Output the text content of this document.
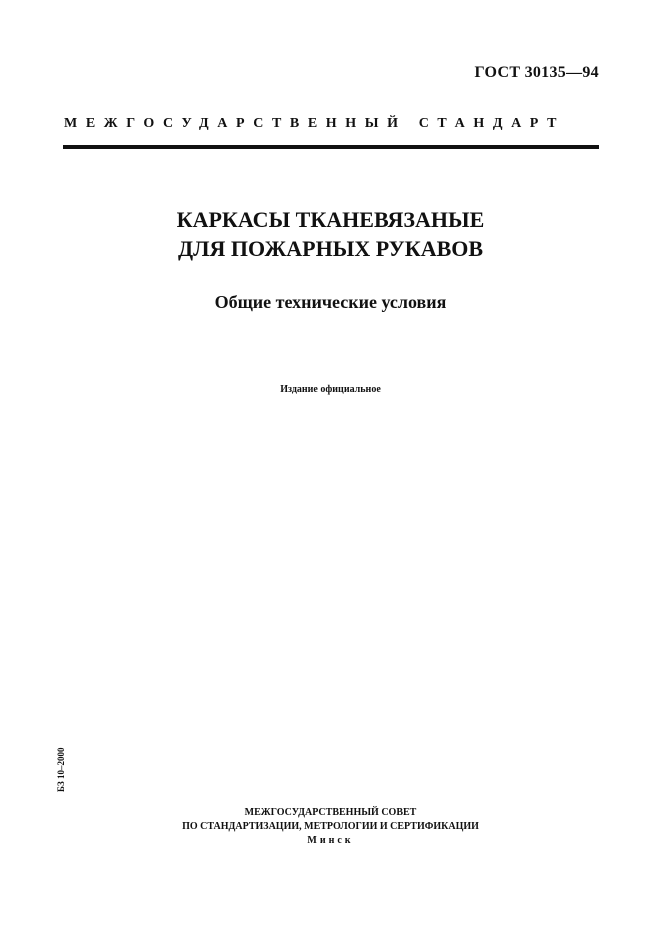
ГОСТ 30135—94
МЕЖГОСУДАРСТВЕННЫЙ СТАНДАРТ
КАРКАСЫ ТКАНЕВЯЗАНЫЕ
ДЛЯ ПОЖАРНЫХ РУКАВОВ
Общие технические условия
Издание официальное
БЗ 10–2000
МЕЖГОСУДАРСТВЕННЫЙ СОВЕТ
ПО СТАНДАРТИЗАЦИИ, МЕТРОЛОГИИ И СЕРТИФИКАЦИИ
Минск
